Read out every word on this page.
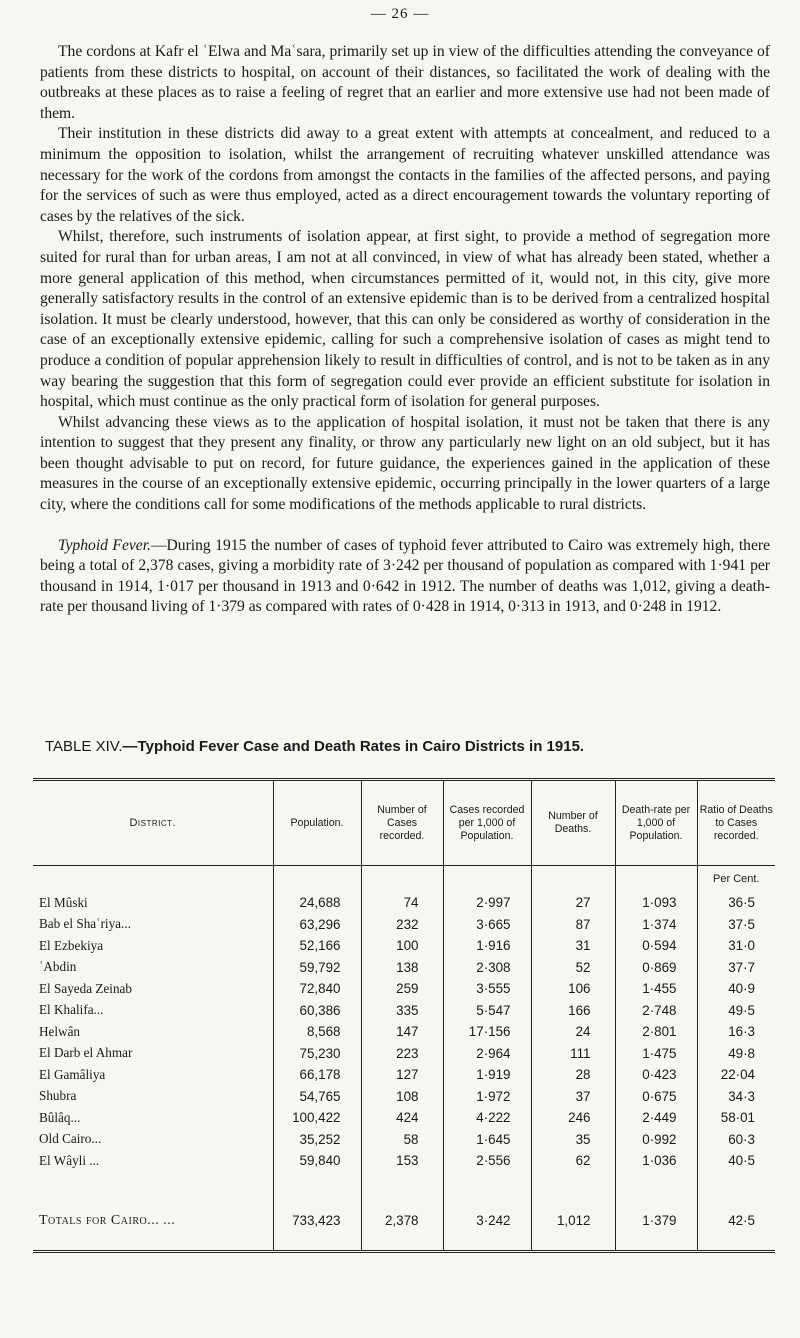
— 26 —

The cordons at Kafr el ʿElwa and Maʿsara, primarily set up in view of the difficulties attending the conveyance of patients from these districts to hospital, on account of their distances, so facilitated the work of dealing with the outbreaks at these places as to raise a feeling of regret that an earlier and more extensive use had not been made of them.

Their institution in these districts did away to a great extent with attempts at concealment, and reduced to a minimum the opposition to isolation, whilst the arrangement of recruiting whatever unskilled attendance was necessary for the work of the cordons from amongst the contacts in the families of the affected persons, and paying for the services of such as were thus employed, acted as a direct encouragement towards the voluntary reporting of cases by the relatives of the sick.

Whilst, therefore, such instruments of isolation appear, at first sight, to provide a method of segregation more suited for rural than for urban areas, I am not at all convinced, in view of what has already been stated, whether a more general application of this method, when circumstances permitted of it, would not, in this city, give more generally satisfactory results in the control of an extensive epidemic than is to be derived from a centralized hospital isolation. It must be clearly understood, however, that this can only be considered as worthy of consideration in the case of an exceptionally extensive epidemic, calling for such a comprehensive isolation of cases as might tend to produce a condition of popular apprehension likely to result in difficulties of control, and is not to be taken as in any way bearing the suggestion that this form of segregation could ever provide an efficient substitute for isolation in hospital, which must continue as the only practical form of isolation for general purposes.

Whilst advancing these views as to the application of hospital isolation, it must not be taken that there is any intention to suggest that they present any finality, or throw any particularly new light on an old subject, but it has been thought advisable to put on record, for future guidance, the experiences gained in the application of these measures in the course of an exceptionally extensive epidemic, occurring principally in the lower quarters of a large city, where the conditions call for some modifications of the methods applicable to rural districts.

Typhoid Fever.—During 1915 the number of cases of typhoid fever attributed to Cairo was extremely high, there being a total of 2,378 cases, giving a morbidity rate of 3·242 per thousand of population as compared with 1·941 per thousand in 1914, 1·017 per thousand in 1913 and 0·642 in 1912. The number of deaths was 1,012, giving a death-rate per thousand living of 1·379 as compared with rates of 0·428 in 1914, 0·313 in 1913, and 0·248 in 1912.

TABLE XIV.—Typhoid Fever Case and Death Rates in Cairo Districts in 1915.
District.	Population.	Number of Cases recorded.	Cases recorded per 1,000 of Population.	Number of Deaths.	Death-rate per 1,000 of Population.	Ratio of Deaths to Cases recorded.
						Per Cent.
El Mûski	24,688	74	2·997	27	1·093	36·5
Bab el Shaʿriya...	63,296	232	3·665	87	1·374	37·5
El Ezbekiya	52,166	100	1·916	31	0·594	31·0
ʿAbdin	59,792	138	2·308	52	0·869	37·7
El Sayeda Zeinab	72,840	259	3·555	106	1·455	40·9
El Khalifa...	60,386	335	5·547	166	2·748	49·5
Helwân	8,568	147	17·156	24	2·801	16·3
El Darb el Ahmar	75,230	223	2·964	111	1·475	49·8
El Gamâliya	66,178	127	1·919	28	0·423	22·04
Shubra	54,765	108	1·972	37	0·675	34·3
Bûlâq...	100,422	424	4·222	246	2·449	58·01
Old Cairo...	35,252	58	1·645	35	0·992	60·3
El Wâyli ...	59,840	153	2·556	62	1·036	40·5

Totals for Cairo... ...	733,423	2,378	3·242	1,012	1·379	42·5
